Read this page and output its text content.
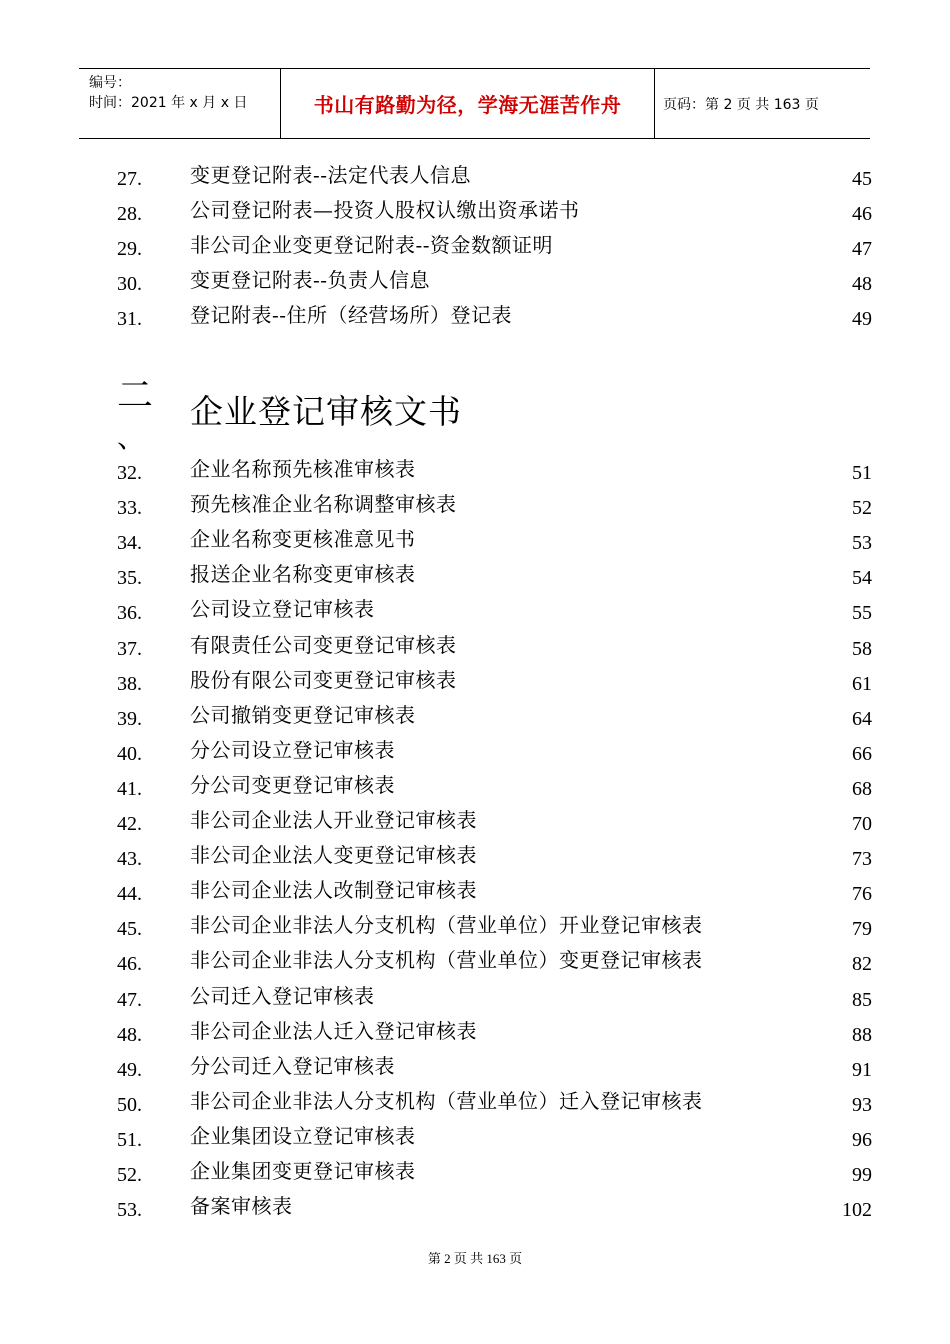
编号：
时间：2021 年 x 月 x 日	书山有路勤为径，学海无涯苦作舟	页码：第 2 页 共 163 页
二
、
企业登记审核文书
27. 变更登记附表--法定代表人信息	45
28. 公司登记附表—投资人股权认缴出资承诺书	46
29. 非公司企业变更登记附表--资金数额证明	47
30. 变更登记附表--负责人信息	48
31. 登记附表--住所（经营场所）登记表	49
32. 企业名称预先核准审核表	51
33. 预先核准企业名称调整审核表	52
34. 企业名称变更核准意见书	53
35. 报送企业名称变更审核表	54
36. 公司设立登记审核表	55
37. 有限责任公司变更登记审核表	58
38. 股份有限公司变更登记审核表	61
39. 公司撤销变更登记审核表	64
40. 分公司设立登记审核表	66
41. 分公司变更登记审核表	68
42. 非公司企业法人开业登记审核表	70
43. 非公司企业法人变更登记审核表	73
44. 非公司企业法人改制登记审核表	76
45. 非公司企业非法人分支机构（营业单位）开业登记审核表	79
46. 非公司企业非法人分支机构（营业单位）变更登记审核表	82
47. 公司迁入登记审核表	85
48. 非公司企业法人迁入登记审核表	88
49. 分公司迁入登记审核表	91
50. 非公司企业非法人分支机构（营业单位）迁入登记审核表	93
51. 企业集团设立登记审核表	96
52. 企业集团变更登记审核表	99
53. 备案审核表	102
第 2 页 共 163 页
